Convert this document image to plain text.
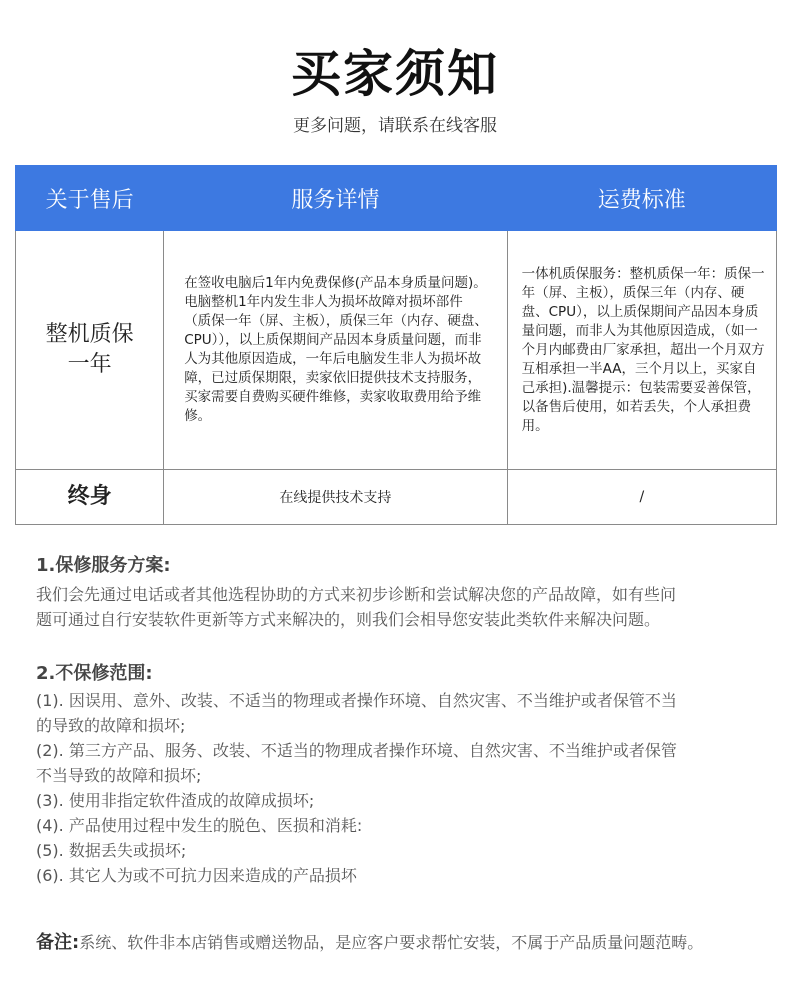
买家须知
更多问题，请联系在线客服
关于售后	服务详情	运费标准

整机质保一年	在签收电脑后1年内免费保修(产品本身质量问题)。电脑整机1年内发生非人为损坏故障对损坏部件（质保一年（屏、主板），质保三年（内存、硬盘、CPU）），以上质保期间产品因本身质量问题，而非人为其他原因造成，一年后电脑发生非人为损坏故障，已过质保期限，卖家依旧提供技术支持服务，买家需要自费购买硬件维修，卖家收取费用给予维修。	一体机质保服务：整机质保一年：质保一年（屏、主板），质保三年（内存、硬盘、CPU），以上质保期间产品因本身质量问题，而非人为其他原因造成，（如一个月内邮费由厂家承担，超出一个月双方互相承担一半AA，三个月以上，买家自己承担).温馨提示：包装需要妥善保管，以备售后使用，如若丢失，个人承担费用。
终身	在线提供技术支持	/
1.保修服务方案:
我们会先通过电话或者其他选程协助的方式来初步诊断和尝试解决您的产品故障，如有些问
题可通过自行安装软件更新等方式来解决的，则我们会相导您安装此类软件来解决问题。
2.不保修范围:
(1). 因误用、意外、改装、不适当的物理或者操作环境、自然灾害、不当维护或者保管不当
的导致的故障和损坏;
(2). 第三方产品、服务、改装、不适当的物理成者操作环境、自然灾害、不当维护或者保管
不当导致的故障和损坏;
(3). 使用非指定软件渣成的故障成损坏;
(4). 产品使用过程中发生的脱色、医损和消耗:
(5). 数据丢失或损坏;
(6). 其它人为或不可抗力因来造成的产品损坏
备注:系统、软件非本店销售或赠送物品，是应客户要求帮忙安装，不属于产品质量问题范畴。
